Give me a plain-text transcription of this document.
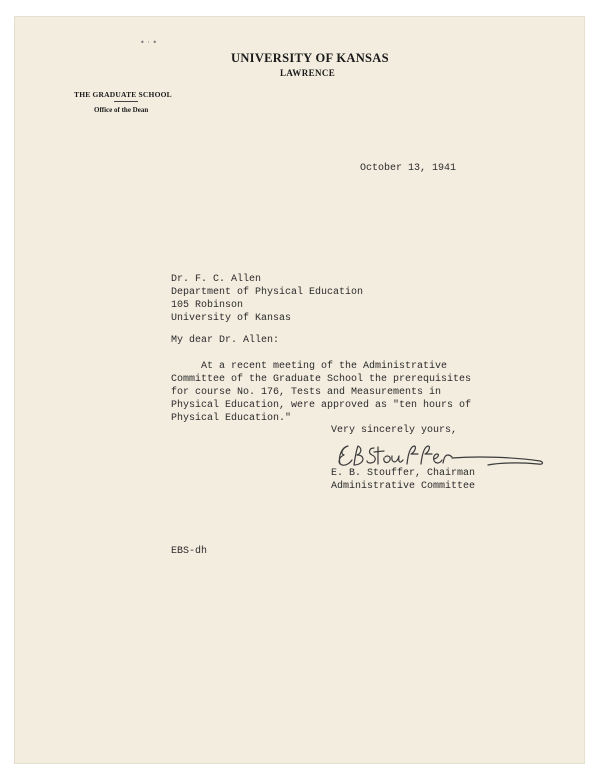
• · •
UNIVERSITY OF KANSAS
LAWRENCE
THE GRADUATE SCHOOL
Office of the Dean
October 13, 1941
Dr. F. C. Allen
Department of Physical Education
105 Robinson
University of Kansas
My dear Dr. Allen:
At a recent meeting of the Administrative
Committee of the Graduate School the prerequisites
for course No. 176, Tests and Measurements in
Physical Education, were approved as "ten hours of
Physical Education."
Very sincerely yours,
E. B. Stouffer, Chairman
Administrative Committee
EBS-dh
